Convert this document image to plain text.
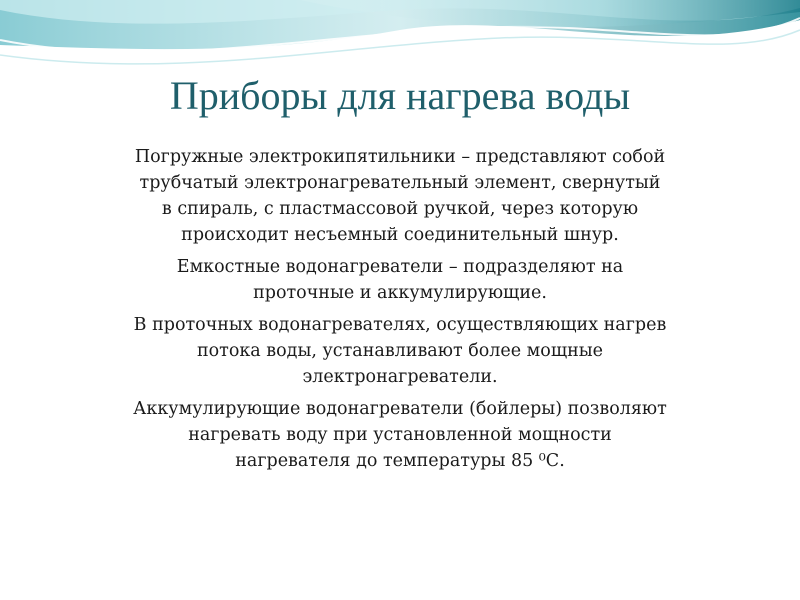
Приборы для нагрева воды

Погружные электрокипятильники – представляют собой
трубчатый электронагревательный элемент, свернутый
в спираль, с пластмассовой ручкой, через которую
происходит несъемный соединительный шнур.

Емкостные водонагреватели – подразделяют на
проточные и аккумулирующие.

В проточных водонагревателях, осуществляющих нагрев
потока воды, устанавливают более мощные
электронагреватели.

Аккумулирующие водонагреватели (бойлеры) позволяют
нагревать воду при установленной мощности
нагревателя до температуры 85 ⁰С.
